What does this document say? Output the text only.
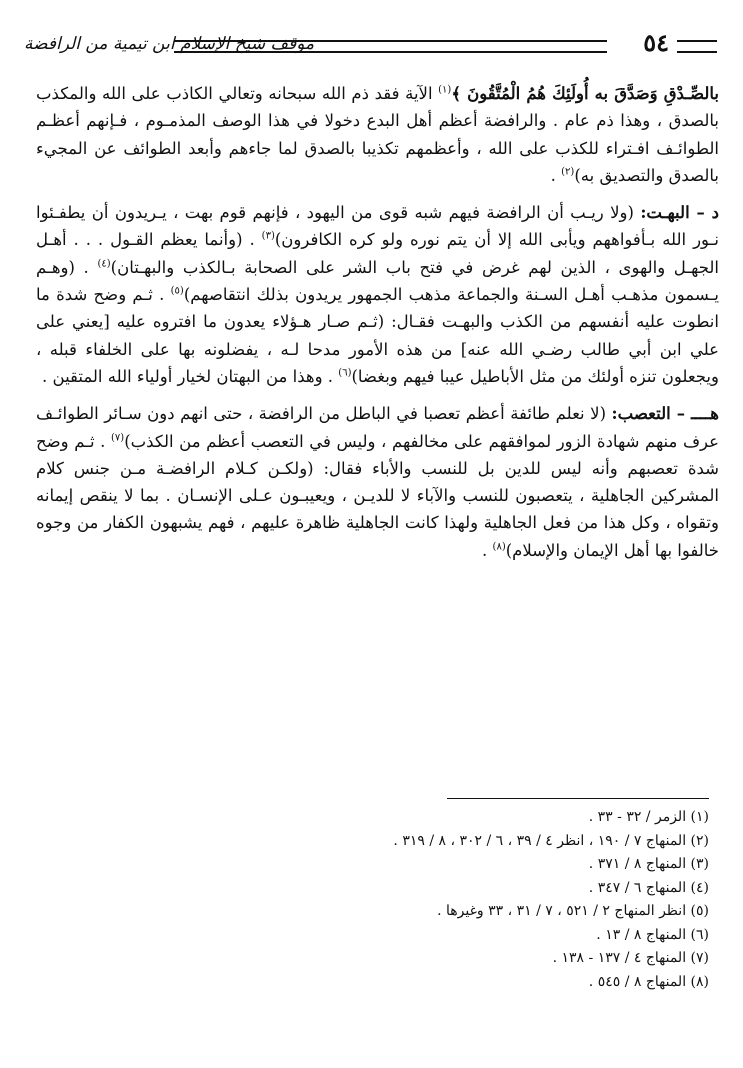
٥٤
موقف شيخ الإسلام ابن تيمية من الرافضة

بالصِّـدْقِ وَصَدَّقَ به أُولَئِكَ هُمُ الْمُتَّقُونَ ﴾$^{(١)}$ الآية فقد ذم الله سبحانه وتعالي الكاذب على الله والمكذب بالصدق ، وهذا ذم عام . والرافضة أعظم أهل البدع دخولا في هذا الوصف المذمـوم ، فـإنهم أعظـم الطوائـف افـتراء للكذب على الله ، وأعظمهم تكذيبا بالصدق لما جاءهم وأبعد الطوائف عن المجيء بالصدق والتصديق به)$^{(٢)}$ .

د – البهـت: (ولا ريـب أن الرافضة فيهم شبه قوى من اليهود ، فإنهم قوم بهت ، يـريدون أن يطفـئوا نـور الله بـأفواههم ويأبى الله إلا أن يتم نوره ولو كره الكافرون)$^{(٣)}$ . (وأنما يعظم القـول . . . أهـل الجهـل والهوى ، الذين لهم غرض في فتح باب الشر على الصحابة بـالكذب والبهـتان)$^{(٤)}$ . (وهـم يـسمون مذهـب أهـل السـنة والجماعة مذهب الجمهور يريدون بذلك انتقاصهم)$^{(٥)}$ . ثـم وضح شدة ما انطوت عليه أنفسهم من الكذب والبهـت فقـال: (ثـم صـار هـؤلاء يعدون ما افتروه عليه [يعني على علي ابن أبي طالب رضـي الله عنه] من هذه الأمور مدحا لـه ، يفضلونه بها على الخلفاء قبله ، ويجعلون تنزه أولئك من مثل الأباطيل عيبا فيهم وبغضا)$^{(٦)}$ . وهذا من البهتان لخيار أولياء الله المتقين .

هــــ – التعصب: (لا نعلم طائفة أعظم تعصبا في الباطل من الرافضة ، حتى انهم دون سـائر الطوائـف عرف منهم شهادة الزور لموافقهم على مخالفهم ، وليس في التعصب أعظم من الكذب)$^{(٧)}$ . ثـم وضح شدة تعصبهم وأنه ليس للدين بل للنسب والأباء فقال: (ولكـن كـلام الرافضـة مـن جنس كلام المشركين الجاهلية ، يتعصبون للنسب والآباء لا للديـن ، ويعيبـون عـلى الإنسـان . بما لا ينقص إيمانه وتقواه ، وكل هذا من فعل الجاهلية ولهذا كانت الجاهلية ظاهرة عليهم ، فهم يشبهون الكفار من وجوه خالفوا بها أهل الإيمان والإسلام)$^{(٨)}$ .

(١) الزمر / ٣٢ - ٣٣ .
(٢) المنهاج ٧ / ١٩٠ ، انظر ٤ / ٣٩ ، ٦ / ٣٠٢ ، ٨ / ٣١٩ .
(٣) المنهاج ٨ / ٣٧١ .
(٤) المنهاج ٦ / ٣٤٧ .
(٥) انظر المنهاج ٢ / ٥٢١ ، ٧ / ٣١ ، ٣٣ وغيرها .
(٦) المنهاج ٨ / ١٣ .
(٧) المنهاج ٤ / ١٣٧ - ١٣٨ .
(٨) المنهاج ٨ / ٥٤٥ .
